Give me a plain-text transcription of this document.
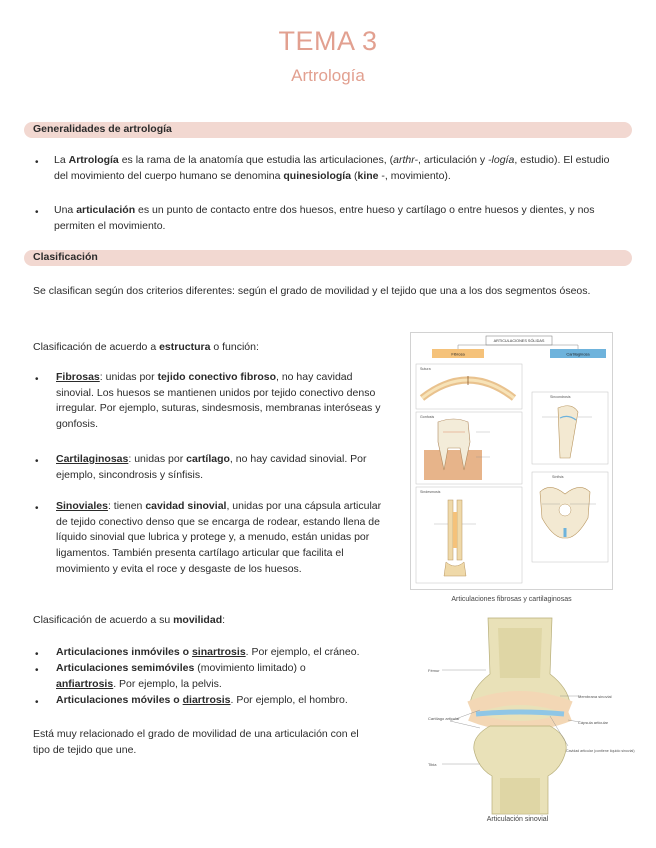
TEMA 3
Artrología
Generalidades de artrología
• La Artrología es la rama de la anatomía que estudia las articulaciones, (arthr-, articulación y -logía, estudio). El estudio del movimiento del cuerpo humano se denomina quinesiología (kine -, movimiento).
• Una articulación es un punto de contacto entre dos huesos, entre hueso y cartílago o entre huesos y dientes, y nos permiten el movimiento.
Clasificación

Se clasifican según dos criterios diferentes: según el grado de movilidad y el tejido que una a los dos segmentos óseos.

Clasificación de acuerdo a estructura o función:

• Fibrosas: unidas por tejido conectivo fibroso, no hay cavidad sinovial. Los huesos se mantienen unidos por tejido conectivo denso irregular. Por ejemplo, suturas, sindesmosis, membranas interóseas y gonfosis.
• Cartilaginosas: unidas por cartílago, no hay cavidad sinovial. Por ejemplo, sincondrosis y sínfisis.
• Sinoviales: tienen cavidad sinovial, unidas por una cápsula articular de tejido conectivo denso que se encarga de rodear, estando llena de líquido sinovial que lubrica y protege y, a menudo, están unidas por ligamentos. También presenta cartílago articular que facilita el movimiento y evita el roce y desgaste de los huesos.

Clasificación de acuerdo a su movilidad:

• Articulaciones inmóviles o sinartrosis. Por ejemplo, el cráneo.
• Articulaciones semimóviles (movimiento limitado) o anfiartrosis. Por ejemplo, la pelvis.
• Articulaciones móviles o diartrosis. Por ejemplo, el hombro.

Está muy relacionado el grado de movilidad de una articulación con el tipo de tejido que une.

ARTICULACIONES SÓLIDAS
Fibrosa	Cartilaginosa
Sutura
Gonfosis
Sindesmosis
Sincondrosis
Sínfisis
Articulaciones fibrosas y cartilaginosas
Fémur
Cartílago articular
Tibia
Membrana sinovial
Cápsula articular
Cavidad articular (contiene líquido sinovial)
Articulación sinovial
